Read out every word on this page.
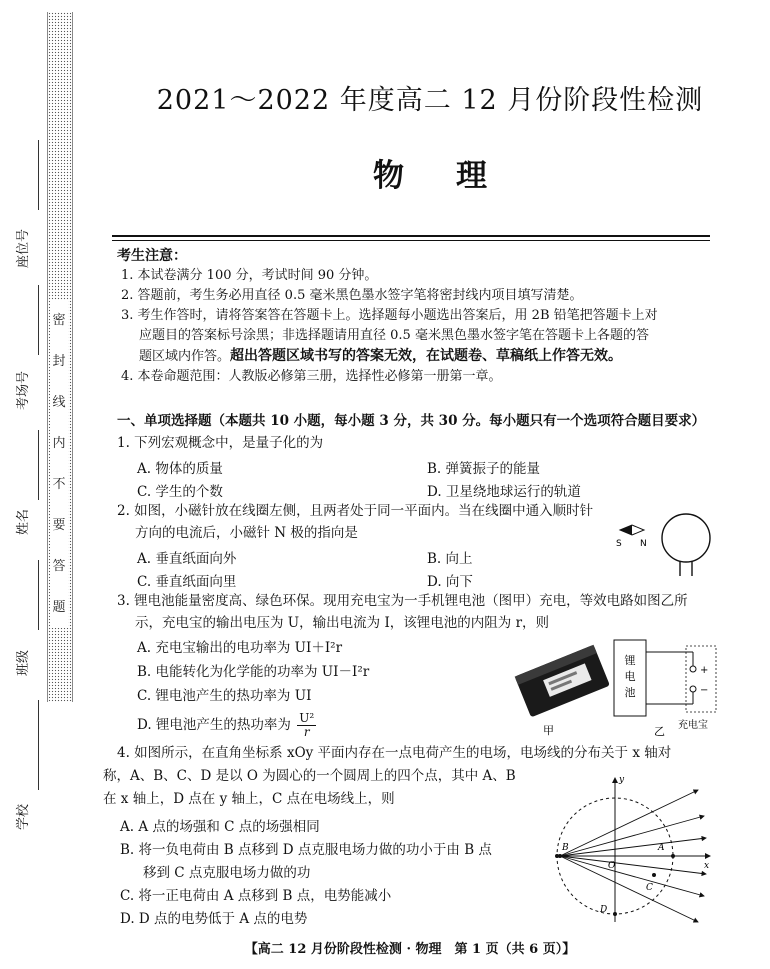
密
封
线
内
不
要
答
题
座位号
考场号
姓名
班级
学校
2021～2022 年度高二 12 月份阶段性检测
物理
考生注意：
1. 本试卷满分 100 分，考试时间 90 分钟。
2. 答题前，考生务必用直径 0.5 毫米黑色墨水签字笔将密封线内项目填写清楚。
3. 考生作答时，请将答案答在答题卡上。选择题每小题选出答案后，用 2B 铅笔把答题卡上对
应题目的答案标号涂黑；非选择题请用直径 0.5 毫米黑色墨水签字笔在答题卡上各题的答
题区域内作答。超出答题区域书写的答案无效，在试题卷、草稿纸上作答无效。
4. 本卷命题范围：人教版必修第三册，选择性必修第一册第一章。
一、单项选择题（本题共 10 小题，每小题 3 分，共 30 分。每小题只有一个选项符合题目要求）
1. 下列宏观概念中，是量子化的为
A. 物体的质量	B. 弹簧振子的能量
C. 学生的个数	D. 卫星绕地球运行的轨道
2. 如图，小磁针放在线圈左侧，且两者处于同一平面内。当在线圈中通入顺时针
方向的电流后，小磁针 N 极的指向是
A. 垂直纸面向外	B. 向上
C. 垂直纸面向里	D. 向下
S N
3. 锂电池能量密度高、绿色环保。现用充电宝为一手机锂电池（图甲）充电，等效电路如图乙所
示，充电宝的输出电压为 U，输出电流为 I，该锂电池的内阻为 r，则
A. 充电宝输出的电功率为 UI＋I²r
B. 电能转化为化学能的功率为 UI－I²r
C. 锂电池产生的热功率为 UI
D. 锂电池产生的热功率为 $\frac{\text{U²}}{r}$	甲
锂
电
池
+
−
充电宝
乙
4. 如图所示，在直角坐标系 xOy 平面内存在一点电荷产生的电场，电场线的分布关于 x 轴对
称，A、B、C、D 是以 O 为圆心的一个圆周上的四个点，其中 A、B
在 x 轴上，D 点在 y 轴上，C 点在电场线上，则
A. A 点的场强和 C 点的场强相同
B. 将一负电荷由 B 点移到 D 点克服电场力做的功小于由 B 点
移到 C 点克服电场力做的功
C. 将一正电荷由 A 点移到 B 点，电势能减小
D. D 点的电势低于 A 点的电势
y
x
O
A
B
C
D
【高二 12 月份阶段性检测 · 物理　第 1 页（共 6 页）】
